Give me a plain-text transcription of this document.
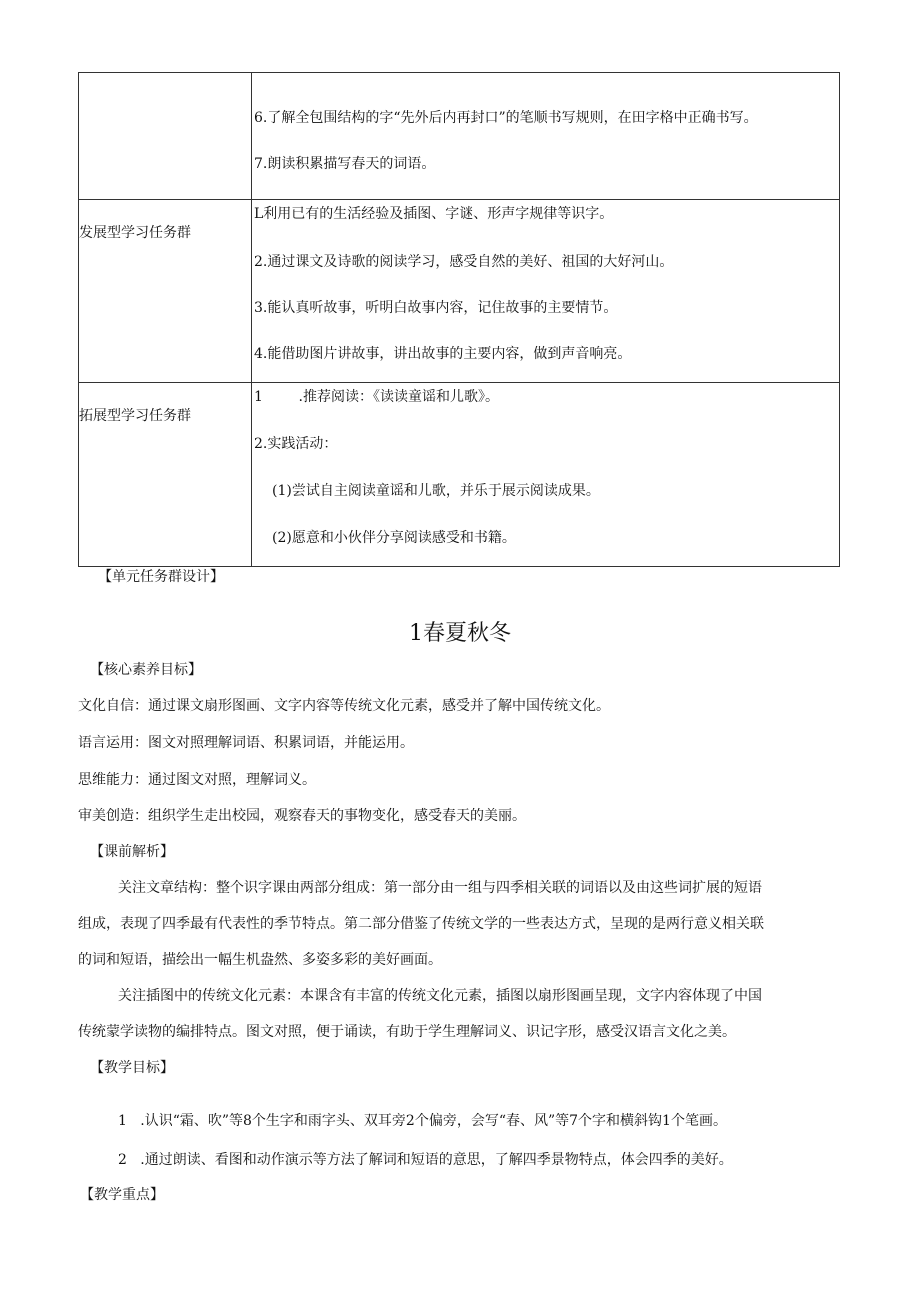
	6.了解全包围结构的字“先外后内再封口”的笔顺书写规则，在田字格中正确书写。
7.朗读积累描写春天的词语。

发展型学习任务群	L利用已有的生活经验及插图、字谜、形声字规律等识字。
2.通过课文及诗歌的阅读学习，感受自然的美好、祖国的大好河山。
3.能认真听故事，听明白故事内容，记住故事的主要情节。
4.能借助图片讲故事，讲出故事的主要内容，做到声音响亮。

拓展型学习任务群	1        .推荐阅读：《读读童谣和儿歌》。
2.实践活动：
(1)尝试自主阅读童谣和儿歌，并乐于展示阅读成果。
(2)愿意和小伙伴分享阅读感受和书籍。
【单元任务群设计】
1春夏秋冬
【核心素养目标】
文化自信：通过课文扇形图画、文字内容等传统文化元素，感受并了解中国传统文化。
语言运用：图文对照理解词语、积累词语，并能运用。
思维能力：通过图文对照，理解词义。
审美创造：组织学生走出校园，观察春天的事物变化，感受春天的美丽。
【课前解析】
关注文章结构：整个识字课由两部分组成：第一部分由一组与四季相关联的词语以及由这些词扩展的短语
组成，表现了四季最有代表性的季节特点。第二部分借鉴了传统文学的一些表达方式，呈现的是两行意义相关联
的词和短语，描绘出一幅生机盎然、多姿多彩的美好画面。
关注插图中的传统文化元素：本课含有丰富的传统文化元素，插图以扇形图画呈现，文字内容体现了中国
传统蒙学读物的编排特点。图文对照，便于诵读，有助于学生理解词义、识记字形，感受汉语言文化之美。
【教学目标】
1   .认识“霜、吹”等8个生字和雨字头、双耳旁2个偏旁，会写“春、风”等7个字和横斜钩1个笔画。
2   .通过朗读、看图和动作演示等方法了解词和短语的意思，了解四季景物特点，体会四季的美好。
【教学重点】
